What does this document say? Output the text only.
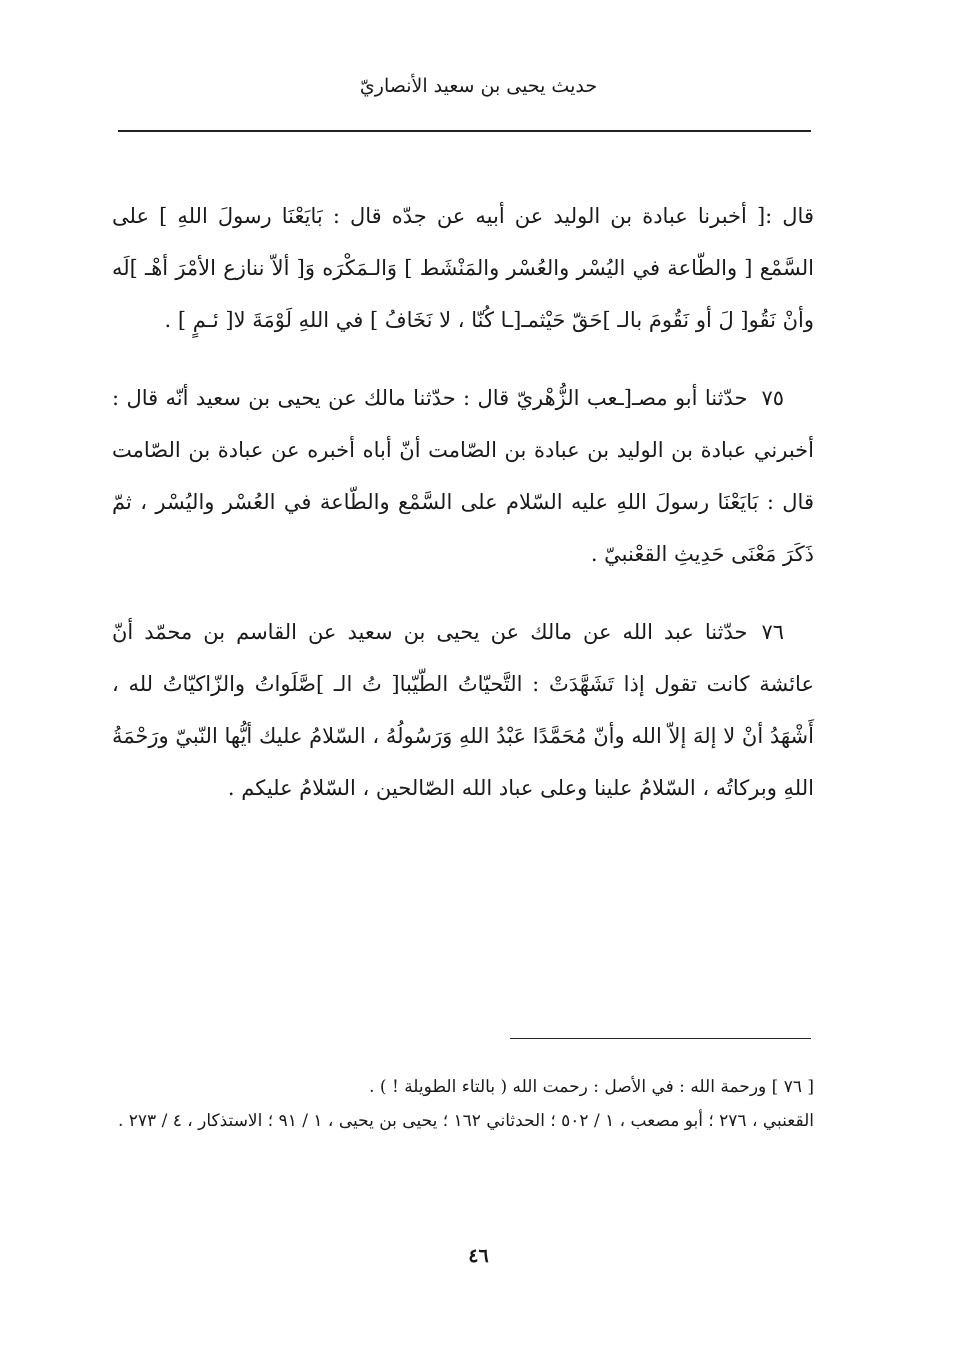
حديث يحيى بن سعيد الأنصاريّ

قال :[ أخبرنا عبادة بن الوليد عن أبيه عن جدّه قال : بَايَعْنَا رسولَ اللهِ ] على السَّمْع [ والطّاعة في اليُسْر والعُسْر والمَنْشَط ] وَالـمَكْرَه وَ[ ألاّ ننازع الأمْرَ أهْـ ]لَه وأنْ نَقُو[ لَ أو نَقُومَ بالـ ]حَقّ حَيْثمـ[ـا كُنّا ، لا نَخَافُ ] في اللهِ لَوْمَةَ لا[ ئـمٍ ] .

٧٥حدّثنا أبو مصـ[ـعب الزُّهْريّ قال : حدّثنا مالك عن يحيى بن سعيد أنّه قال : أخبرني عبادة بن الوليد بن عبادة بن الصّامت أنّ أباه أخبره عن عبادة بن الصّامت قال : بَايَعْنَا رسولَ اللهِ عليه السّلام على السَّمْع والطّاعة في العُسْر واليُسْر ، ثمّ ذَكَرَ مَعْنَى حَدِيثِ القعْنبيّ .

٧٦حدّثنا عبد الله عن مالك عن يحيى بن سعيد عن القاسم بن محمّد أنّ عائشة كانت تقول إذا تَشَهَّدَتْ : التَّحيّاتُ الطّيّبا[ تُ الـ ]صَّلَواتُ والزّاكيّاتُ لله ، أَشْهَدُ أنْ لا إلهَ إلاّ الله وأنّ مُحَمَّدًا عَبْدُ اللهِ وَرَسُولُهُ ، السّلامُ عليك أيُّها النّبيّ ورَحْمَةُ اللهِ وبركاتُه ، السّلامُ علينا وعلى عباد الله الصّالحين ، السّلامُ عليكم .

[ ٧٦ ] ورحمة الله : في الأصل : رحمت الله ( بالتاء الطويلة ! ) .

القعنبي ، ٢٧٦ ؛ أبو مصعب ، ١ / ٥٠٢ ؛ الحدثاني ١٦٢ ؛ يحيى بن يحيى ، ١ / ٩١ ؛ الاستذكار ، ٤ / ٢٧٣ .

٤٦
